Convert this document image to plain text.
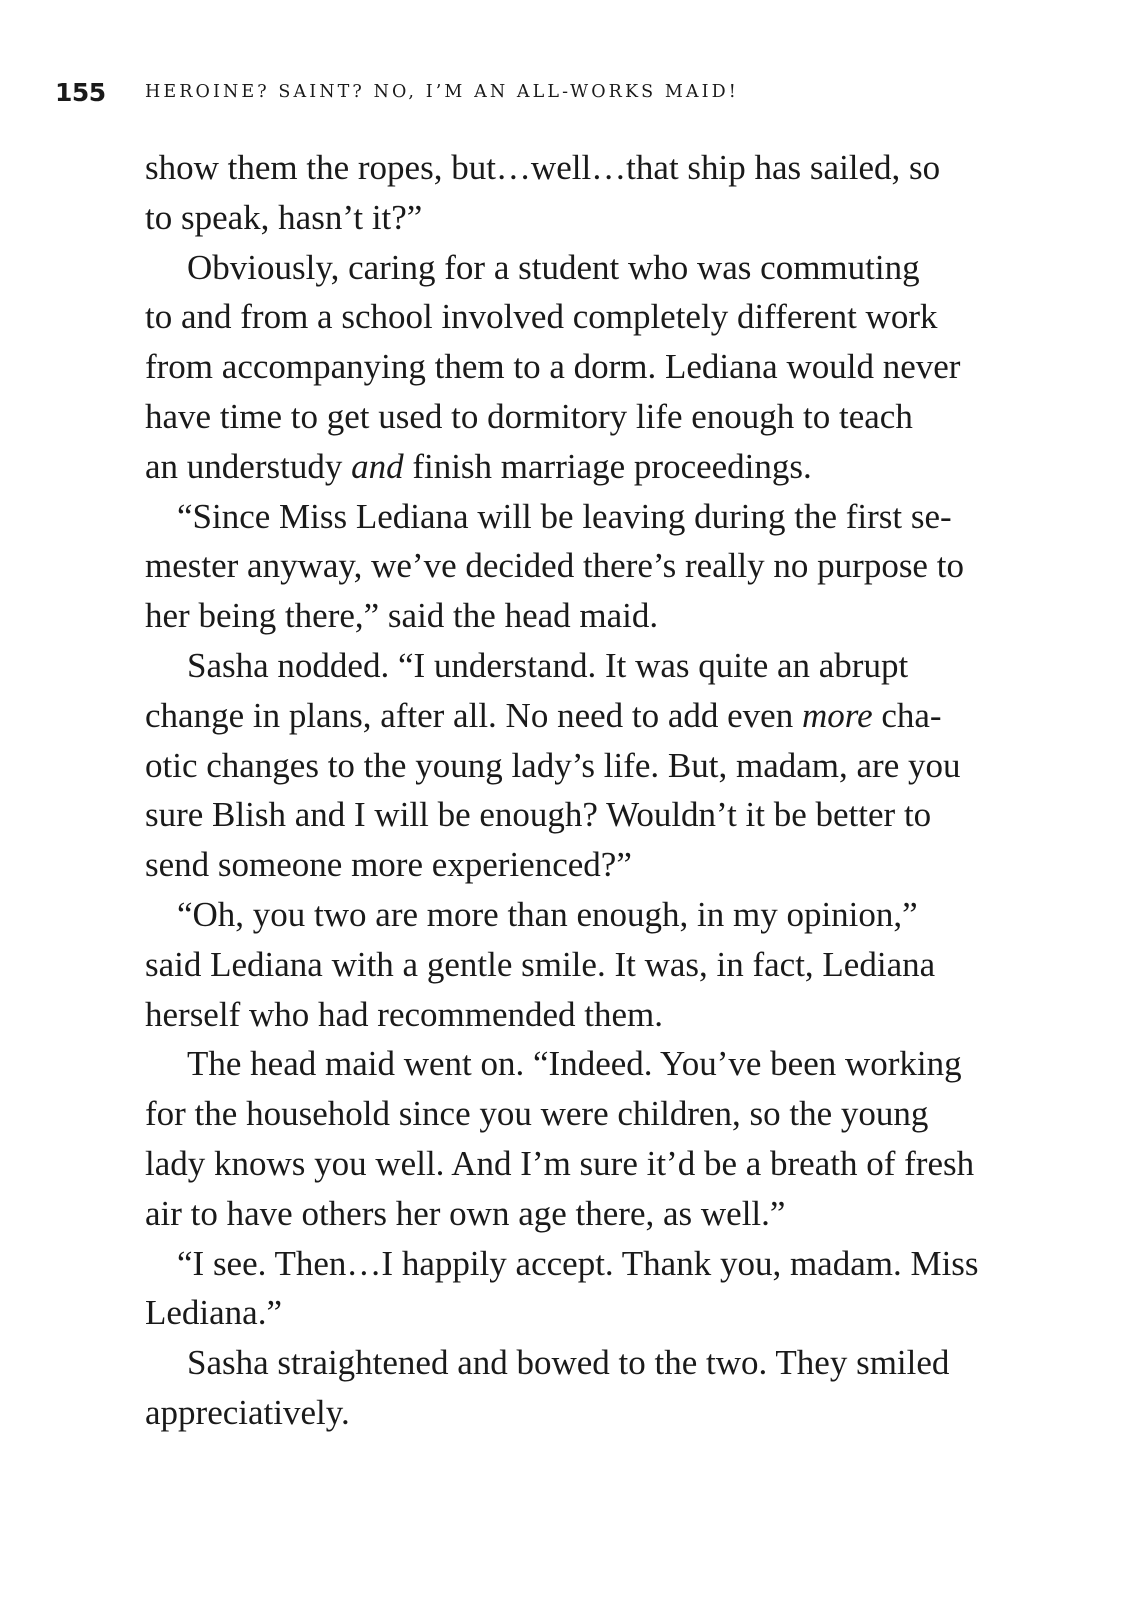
155	HEROINE? SAINT? NO, I’M AN ALL-WORKS MAID!
show them the ropes, but…well…that ship has sailed, so
to speak, hasn’t it?”
Obviously, caring for a student who was commuting
to and from a school involved completely different work
from accompanying them to a dorm. Lediana would never
have time to get used to dormitory life enough to teach
an understudy and finish marriage proceedings.
“Since Miss Lediana will be leaving during the first se-
mester anyway, we’ve decided there’s really no purpose to
her being there,” said the head maid.
Sasha nodded. “I understand. It was quite an abrupt
change in plans, after all. No need to add even more cha-
otic changes to the young lady’s life. But, madam, are you
sure Blish and I will be enough? Wouldn’t it be better to
send someone more experienced?”
“Oh, you two are more than enough, in my opinion,”
said Lediana with a gentle smile. It was, in fact, Lediana
herself who had recommended them.
The head maid went on. “Indeed. You’ve been working
for the household since you were children, so the young
lady knows you well. And I’m sure it’d be a breath of fresh
air to have others her own age there, as well.”
“I see. Then…I happily accept. Thank you, madam. Miss
Lediana.”
Sasha straightened and bowed to the two. They smiled
appreciatively.
